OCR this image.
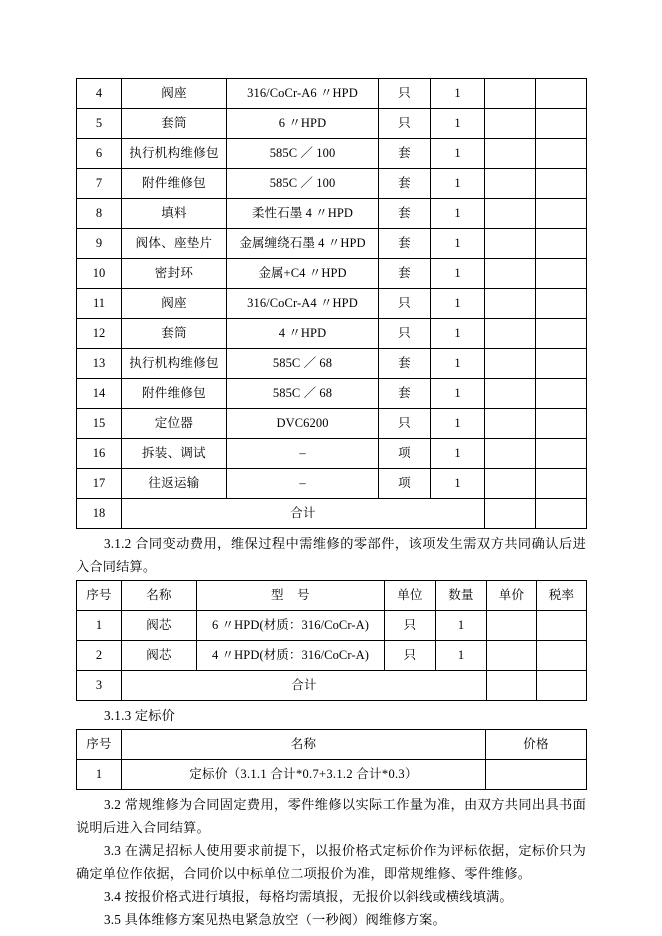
4	阀座	316/CoCr-A6 〃HPD	只	1		
5	套筒	6 〃HPD	只	1		
6	执行机构维修包	585C ／ 100	套	1		
7	附件维修包	585C ／ 100	套	1		
8	填料	柔性石墨 4 〃HPD	套	1		
9	阀体、座垫片	金属缠绕石墨 4 〃HPD	套	1		
10	密封环	金属+C4 〃HPD	套	1		
11	阀座	316/CoCr-A4 〃HPD	只	1		
12	套筒	4 〃HPD	只	1		
13	执行机构维修包	585C ／ 68	套	1		
14	附件维修包	585C ／ 68	套	1		
15	定位器	DVC6200	只	1		
16	拆装、调试	–	项	1		
17	往返运输	–	项	1		
18	合计					

3.1.2 合同变动费用，维保过程中需维修的零部件，该项发生需双方共同确认后进入合同结算。

序号	名称	型　号	单位	数量	单价	税率
1	阀芯	6 〃HPD(材质：316/CoCr-A)	只	1		
2	阀芯	4 〃HPD(材质：316/CoCr-A)	只	1		
3	合计					

3.1.3 定标价

序号	名称	价格
1	定标价（3.1.1 合计*0.7+3.1.2 合计*0.3）	

3.2 常规维修为合同固定费用，零件维修以实际工作量为准，由双方共同出具书面说明后进入合同结算。

3.3 在满足招标人使用要求前提下，以报价格式定标价作为评标依据，定标价只为确定单位作依据，合同价以中标单位二项报价为准，即常规维修、零件维修。

3.4 按报价格式进行填报，每格均需填报，无报价以斜线或横线填满。

3.5 具体维修方案见热电紧急放空（一秒阀）阀维修方案。
